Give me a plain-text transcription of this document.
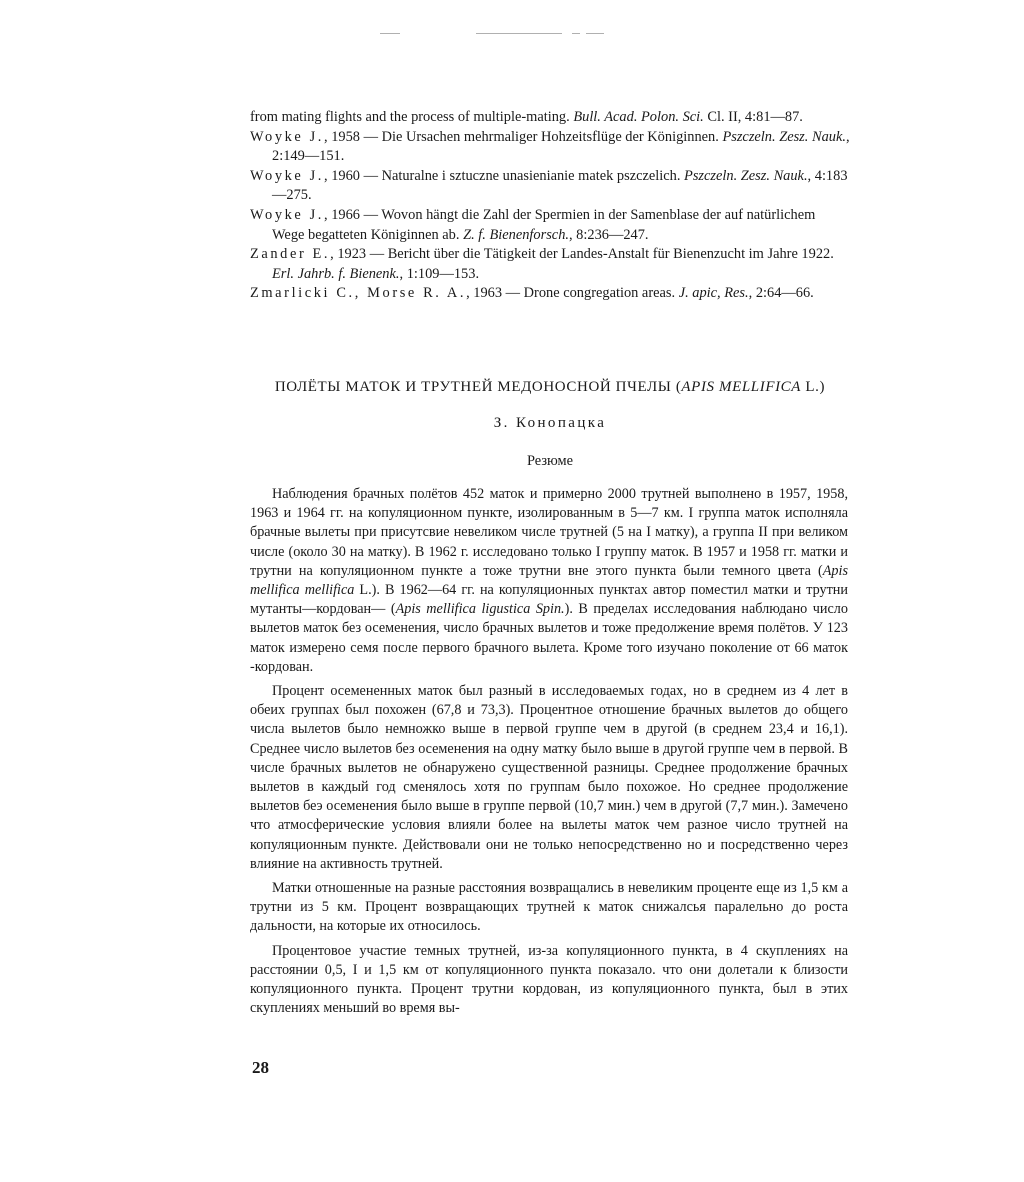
from mating flights and the process of multiple-mating. Bull. Acad. Polon. Sci. Cl. II, 4:81—87.

Woyke J., 1958 — Die Ursachen mehrmaliger Hohzeitsflüge der Königinnen. Pszczeln. Zesz. Nauk., 2:149—151.

Woyke J., 1960 — Naturalne i sztuczne unasienianie matek pszczelich. Pszczeln. Zesz. Nauk., 4:183—275.

Woyke J., 1966 — Wovon hängt die Zahl der Spermien in der Samenblase der auf natürlichem Wege begatteten Königinnen ab. Z. f. Bienenforsch., 8:236—247.

Zander E., 1923 — Bericht über die Tätigkeit der Landes-Anstalt für Bienenzucht im Jahre 1922. Erl. Jahrb. f. Bienenk., 1:109—153.

Zmarlicki C., Morse R. A., 1963 — Drone congregation areas. J. apic, Res., 2:64—66.

ПОЛЁТЫ МАТОК И ТРУТНЕЙ МЕДОНОСНОЙ ПЧЕЛЫ (APIS MELLIFICA L.)

З. Конопацка

Резюме

Наблюдения брачных полётов 452 маток и примерно 2000 трутней выполнено в 1957, 1958, 1963 и 1964 гг. на копуляционном пункте, изолированным в 5—7 км. I группа маток исполняла брачные вылеты при присутсвие невеликом числе трутней (5 на I матку), а группа II при великом числе (около 30 на матку). В 1962 г. исследовано только I группу маток. В 1957 и 1958 гг. матки и трутни на копуляционном пункте а тоже трутни вне этого пункта были темного цвета (Apis mellifica mellifica L.). В 1962—64 гг. на копуляционных пунктах автор поместил матки и трутни мутанты—кордован— (Apis mellifica ligustica Spin.). В пределах исследования наблюдано число вылетов маток без осеменения, число брачных вылетов и тоже предолжение время полётов. У 123 маток измерено семя после первого брачного вылета. Кроме того изучано поколение от 66 маток -кордован.

Процент осемененных маток был разный в исследоваемых годах, но в среднем из 4 лет в обеих группах был похожен (67,8 и 73,3). Процентное отношение брачных вылетов до общего числа вылетов было немножко выше в первой группе чем в другой (в среднем 23,4 и 16,1). Среднее число вылетов без осеменения на одну матку было выше в другой группе чем в первой. В числе брачных вылетов не обнаружено существенной разницы. Среднее продолжение брачных вылетов в каждый год сменялось хотя по группам было похожое. Но среднее продолжение вылетов беэ осеменения было выше в группе первой (10,7 мин.) чем в другой (7,7 мин.). Замечено что атмосферические условия влияли более на вылеты маток чем разное число трутней на копуляционным пункте. Действовали они не только непосредственно но и посредственно через влияние на активность трутней.

Матки отношенные на разные расстояния возвращались в невеликим проценте еще из 1,5 км а трутни из 5 км. Процент возвращающих трутней к маток снижалсья паралельно до роста дальности, на которые их относилось.

Процентовое участие темных трутней, из-за копуляционного пункта, в 4 скуплениях на расстоянии 0,5, I и 1,5 км от копуляционного пункта показало. что они долетали к близости копуляционного пункта. Процент трутни кордован, из копуляционного пункта, был в этих скуплениях меньший во время вы-

28
